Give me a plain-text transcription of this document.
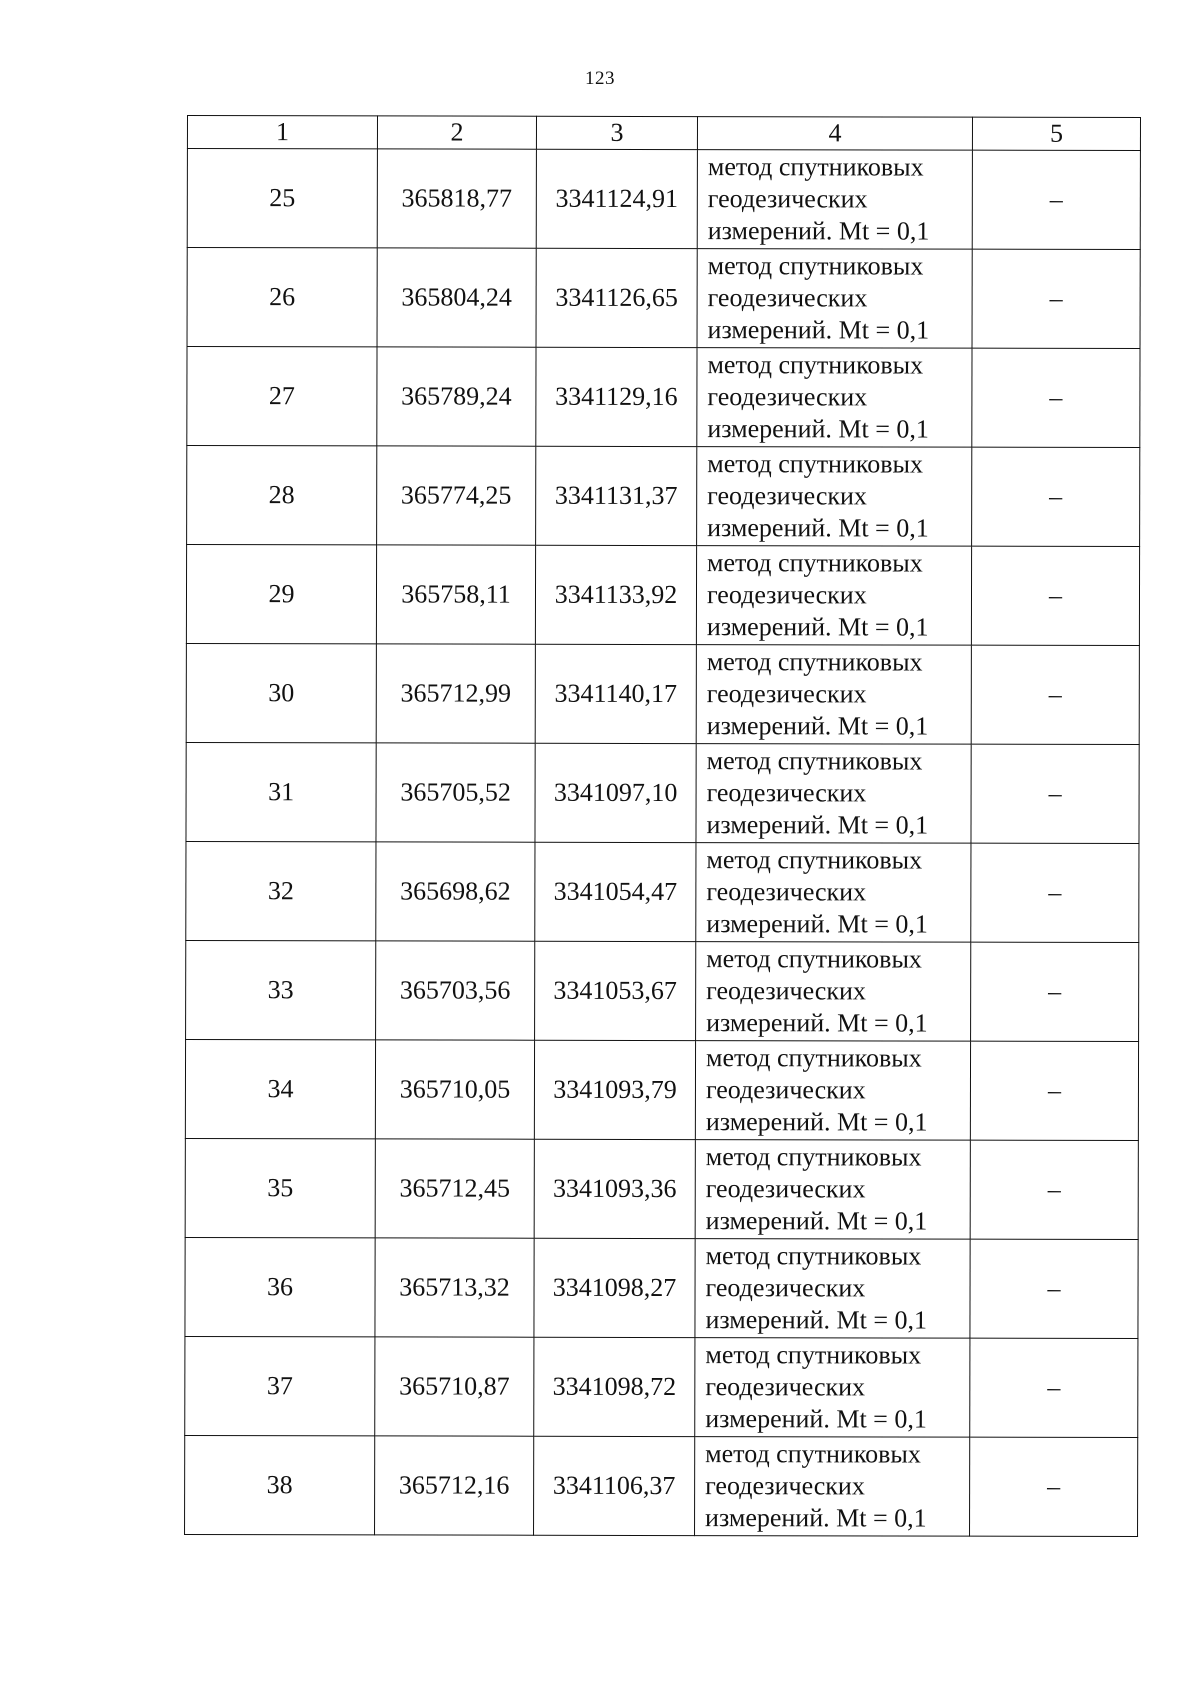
123
1	2	3	4	5
25	365818,77	3341124,91	метод спутниковых
геодезических
измерений. Mt = 0,1	–
26	365804,24	3341126,65	метод спутниковых
геодезических
измерений. Mt = 0,1	–
27	365789,24	3341129,16	метод спутниковых
геодезических
измерений. Mt = 0,1	–
28	365774,25	3341131,37	метод спутниковых
геодезических
измерений. Mt = 0,1	–
29	365758,11	3341133,92	метод спутниковых
геодезических
измерений. Mt = 0,1	–
30	365712,99	3341140,17	метод спутниковых
геодезических
измерений. Mt = 0,1	–
31	365705,52	3341097,10	метод спутниковых
геодезических
измерений. Mt = 0,1	–
32	365698,62	3341054,47	метод спутниковых
геодезических
измерений. Mt = 0,1	–
33	365703,56	3341053,67	метод спутниковых
геодезических
измерений. Mt = 0,1	–
34	365710,05	3341093,79	метод спутниковых
геодезических
измерений. Mt = 0,1	–
35	365712,45	3341093,36	метод спутниковых
геодезических
измерений. Mt = 0,1	–
36	365713,32	3341098,27	метод спутниковых
геодезических
измерений. Mt = 0,1	–
37	365710,87	3341098,72	метод спутниковых
геодезических
измерений. Mt = 0,1	–
38	365712,16	3341106,37	метод спутниковых
геодезических
измерений. Mt = 0,1	–
